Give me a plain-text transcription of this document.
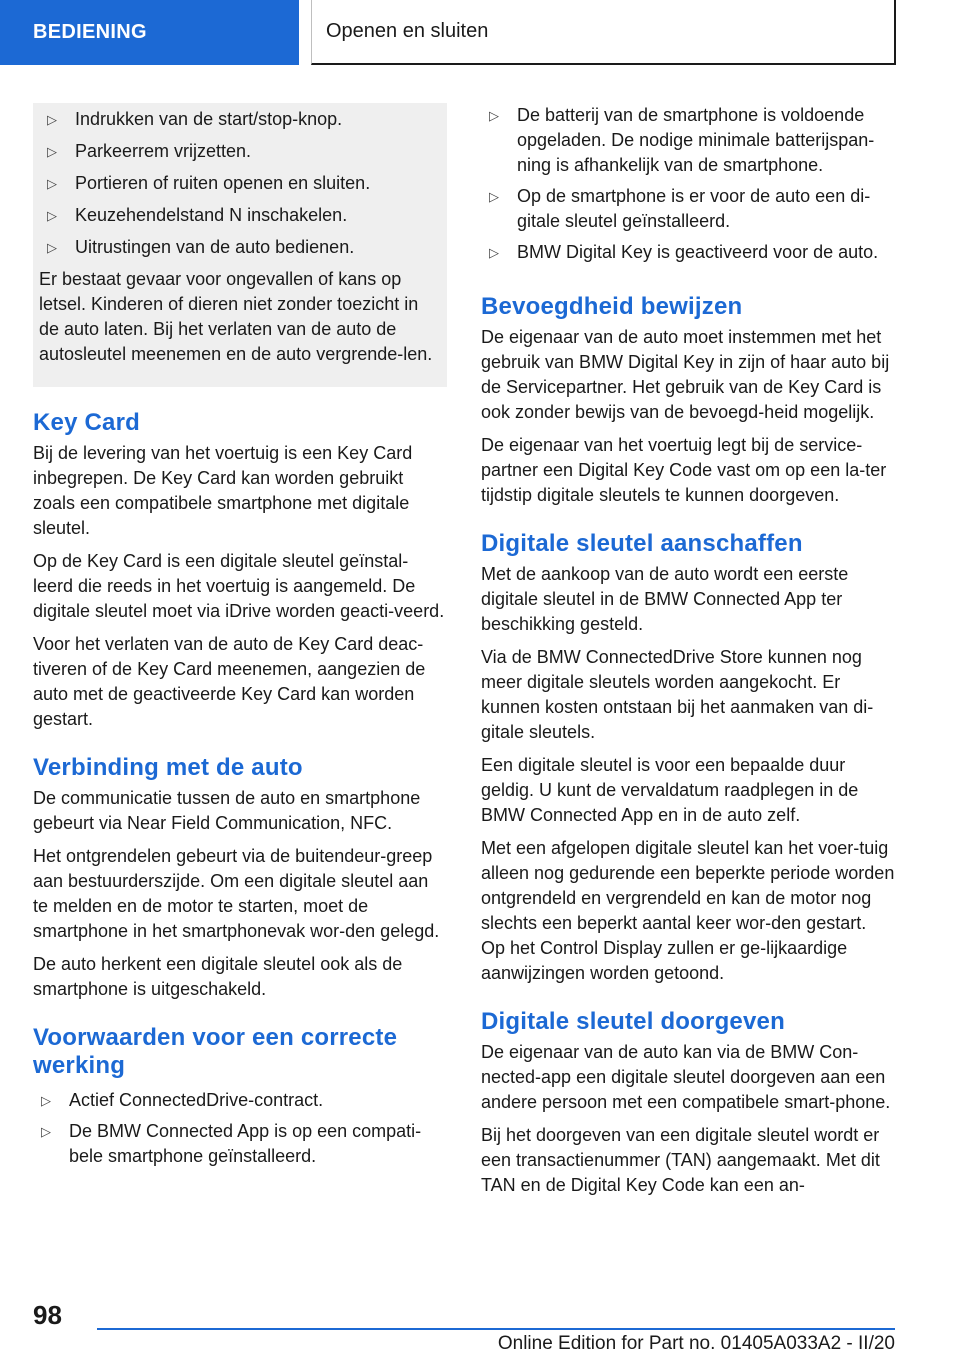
BEDIENING	Openen en sluiten
▷ Indrukken van de start/stop-knop.
▷ Parkeerrem vrijzetten.
▷ Portieren of ruiten openen en sluiten.
▷ Keuzehendelstand N inschakelen.
▷ Uitrustingen van de auto bedienen.

Er bestaat gevaar voor ongevallen of kans op letsel. Kinderen of dieren niet zonder toezicht in de auto laten. Bij het verlaten van de auto de autosleutel meenemen en de auto vergrende-len.

Key Card

Bij de levering van het voertuig is een Key Card inbegrepen. De Key Card kan worden gebruikt zoals een compatibele smartphone met digitale sleutel.

Op de Key Card is een digitale sleutel geïnstal-leerd die reeds in het voertuig is aangemeld. De digitale sleutel moet via iDrive worden geacti-veerd.

Voor het verlaten van de auto de Key Card deac-tiveren of de Key Card meenemen, aangezien de auto met de geactiveerde Key Card kan worden gestart.

Verbinding met de auto

De communicatie tussen de auto en smartphone gebeurt via Near Field Communication, NFC.

Het ontgrendelen gebeurt via de buitendeur-greep aan bestuurderszijde. Om een digitale sleutel aan te melden en de motor te starten, moet de smartphone in het smartphonevak wor-den gelegd.

De auto herkent een digitale sleutel ook als de smartphone is uitgeschakeld.

Voorwaarden voor een correcte werking
▷ Actief ConnectedDrive-contract.
▷ De BMW Connected App is op een compati-bele smartphone geïnstalleerd.
▷ De batterij van de smartphone is voldoende opgeladen. De nodige minimale batterijspan-ning is afhankelijk van de smartphone.
▷ Op de smartphone is er voor de auto een di-gitale sleutel geïnstalleerd.
▷ BMW Digital Key is geactiveerd voor de auto.
Bevoegdheid bewijzen

De eigenaar van de auto moet instemmen met het gebruik van BMW Digital Key in zijn of haar auto bij de Servicepartner. Het gebruik van de Key Card is ook zonder bewijs van de bevoegd-heid mogelijk.

De eigenaar van het voertuig legt bij de service-partner een Digital Key Code vast om op een la-ter tijdstip digitale sleutels te kunnen doorgeven.

Digitale sleutel aanschaffen

Met de aankoop van de auto wordt een eerste digitale sleutel in de BMW Connected App ter beschikking gesteld.

Via de BMW ConnectedDrive Store kunnen nog meer digitale sleutels worden aangekocht. Er kunnen kosten ontstaan bij het aanmaken van di-gitale sleutels.

Een digitale sleutel is voor een bepaalde duur geldig. U kunt de vervaldatum raadplegen in de BMW Connected App en in de auto zelf.

Met een afgelopen digitale sleutel kan het voer-tuig alleen nog gedurende een beperkte periode worden ontgrendeld en vergrendeld en kan de motor nog slechts een beperkt aantal keer wor-den gestart. Op het Control Display zullen er ge-lijkaardige aanwijzingen worden getoond.

Digitale sleutel doorgeven

De eigenaar van de auto kan via de BMW Con-nected-app een digitale sleutel doorgeven aan een andere persoon met een compatibele smart-phone.

Bij het doorgeven van een digitale sleutel wordt er een transactienummer (TAN) aangemaakt. Met dit TAN en de Digital Key Code kan een an-

98
Online Edition for Part no. 01405A033A2 - II/20
